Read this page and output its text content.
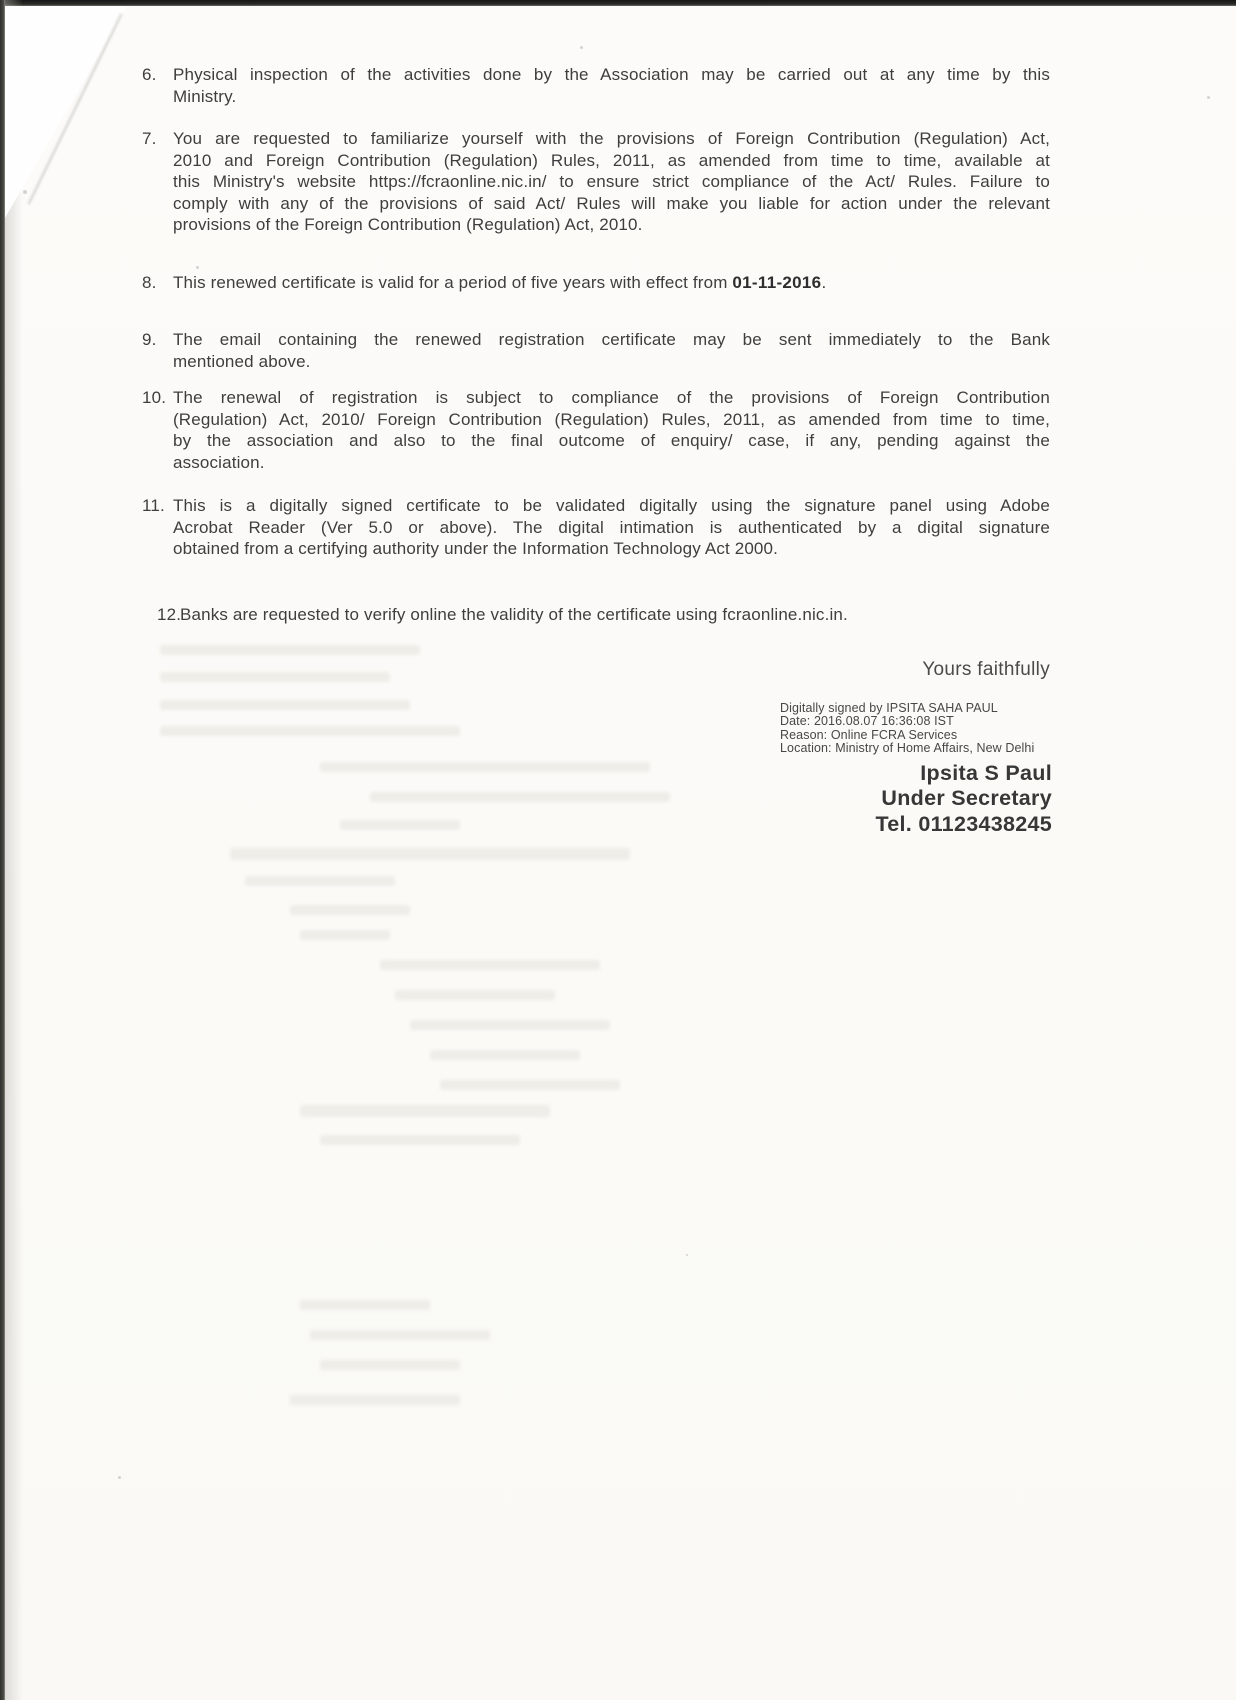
6. Physical inspection of the activities done by the Association may be carried out at any time by this
Ministry.
7. You are requested to familiarize yourself with the provisions of Foreign Contribution (Regulation) Act,
2010 and Foreign Contribution (Regulation) Rules, 2011, as amended from time to time, available at
this Ministry's website https://fcraonline.nic.in/ to ensure strict compliance of the Act/ Rules. Failure to
comply with any of the provisions of said Act/ Rules will make you liable for action under the relevant
provisions of the Foreign Contribution (Regulation) Act, 2010.
8. This renewed certificate is valid for a period of five years with effect from 01-11-2016.
9. The email containing the renewed registration certificate may be sent immediately to the Bank
mentioned above.
10. The renewal of registration is subject to compliance of the provisions of Foreign Contribution
(Regulation) Act, 2010/ Foreign Contribution (Regulation) Rules, 2011, as amended from time to time,
by the association and also to the final outcome of enquiry/ case, if any, pending against the
association.
11. This is a digitally signed certificate to be validated digitally using the signature panel using Adobe
Acrobat Reader (Ver 5.0 or above). The digital intimation is authenticated by a digital signature
obtained from a certifying authority under the Information Technology Act 2000.
12.
Banks are requested to verify online the validity of the certificate using fcraonline.nic.in.
Yours faithfully
Digitally signed by IPSITA SAHA PAUL
Date: 2016.08.07 16:36:08 IST
Reason: Online FCRA Services
Location: Ministry of Home Affairs, New Delhi
Ipsita S Paul
Under Secretary
Tel. 01123438245
